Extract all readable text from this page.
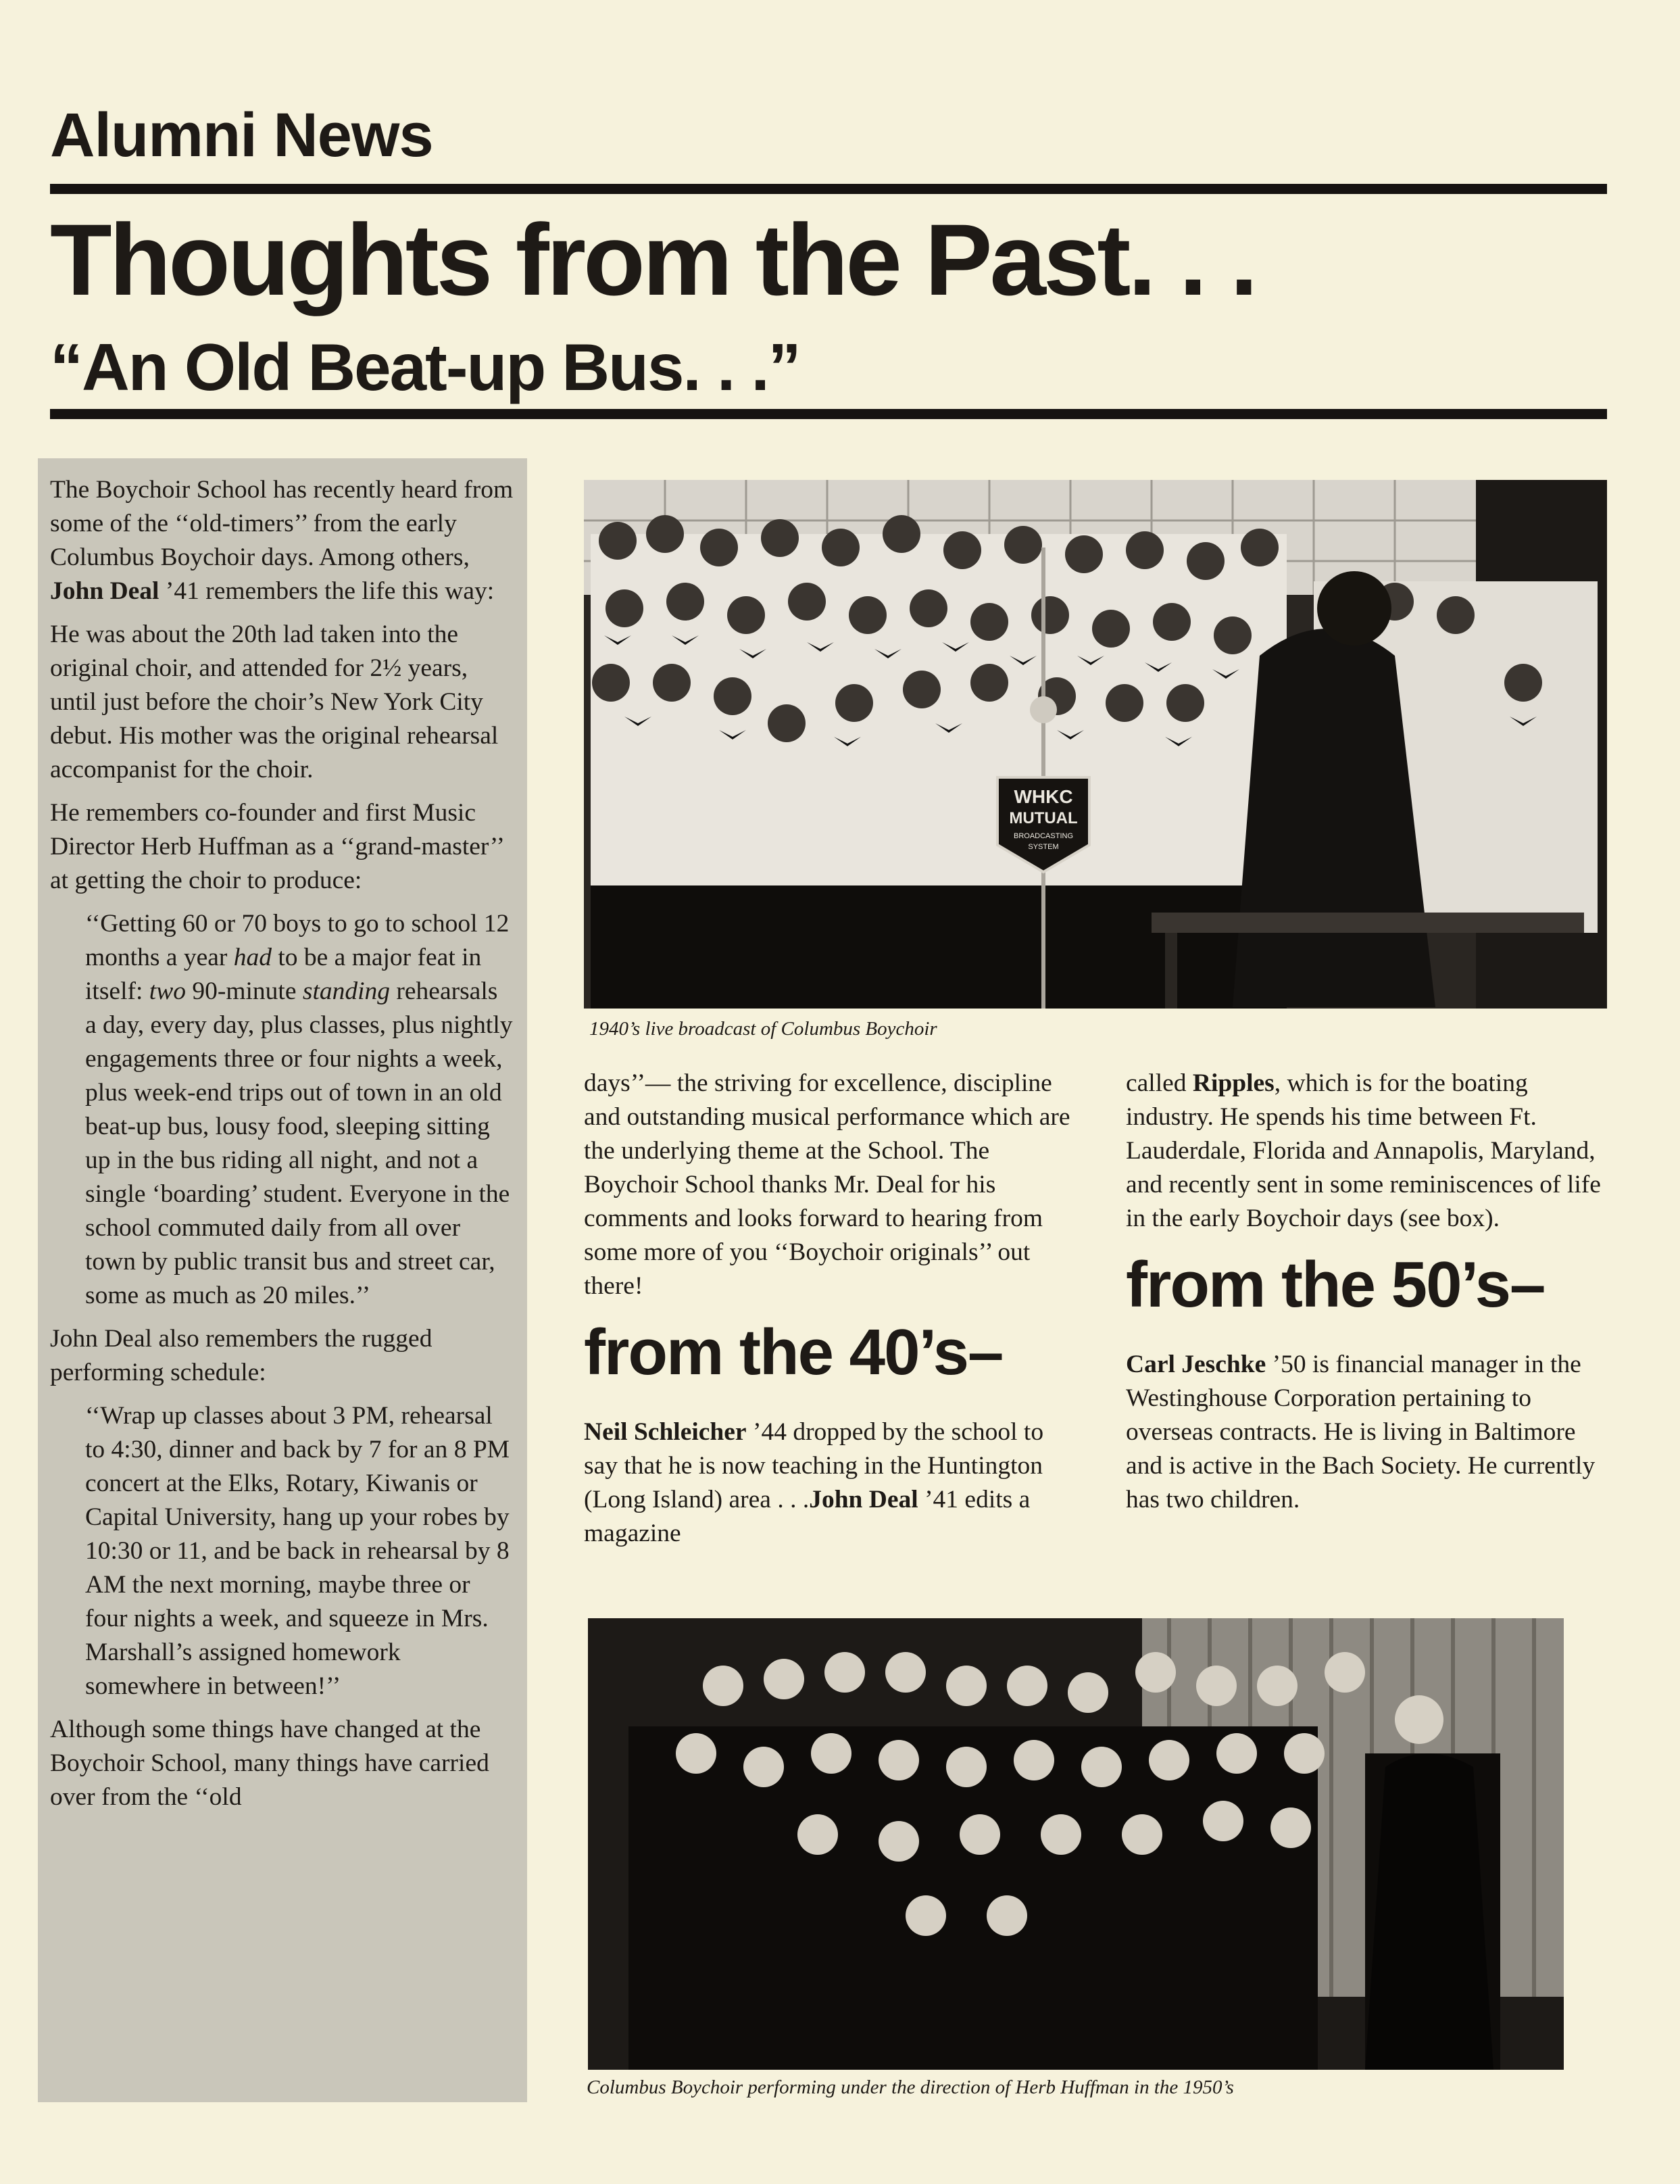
Alumni News
Thoughts from the Past. . .
“An Old Beat-up Bus. . .”

The Boychoir School has recently heard from some of the ‘‘old-timers’’ from the early Columbus Boychoir days. Among others, John Deal ’41 remembers the life this way:

He was about the 20th lad taken into the original choir, and attended for 2½ years, until just before the choir’s New York City debut. His mother was the original rehearsal accompanist for the choir.

He remembers co-founder and first Music Director Herb Huffman as a ‘‘grand-master’’ at getting the choir to produce:

‘‘Getting 60 or 70 boys to go to school 12 months a year had to be a major feat in itself: two 90-minute standing rehearsals a day, every day, plus classes, plus nightly engagements three or four nights a week, plus week-end trips out of town in an old beat-up bus, lousy food, sleeping sitting up in the bus riding all night, and not a single ‘boarding’ student. Everyone in the school commuted daily from all over town by public transit bus and street car, some as much as 20 miles.’’

John Deal also remembers the rugged performing schedule:

‘‘Wrap up classes about 3 PM, rehearsal to 4:30, dinner and back by 7 for an 8 PM concert at the Elks, Rotary, Kiwanis or Capital University, hang up your robes by 10:30 or 11, and be back in rehearsal by 8 AM the next morning, maybe three or four nights a week, and squeeze in Mrs. Marshall’s assigned homework somewhere in between!’’

Although some things have changed at the Boychoir School, many things have carried over from the ‘‘old

WHKC
MUTUAL
BROADCASTING
SYSTEM
1940’s live broadcast of Columbus Boychoir

days’’— the striving for excellence, discipline and outstanding musical performance which are the underlying theme at the School. The Boychoir School thanks Mr. Deal for his comments and looks forward to hearing from some more of you ‘‘Boychoir originals’’ out there!

from the 40’s–

Neil Schleicher ’44 dropped by the school to say that he is now teaching in the Huntington (Long Island) area . . .John Deal ’41 edits a magazine

called Ripples, which is for the boating industry. He spends his time between Ft. Lauderdale, Florida and Annapolis, Maryland, and recently sent in some reminiscences of life in the early Boychoir days (see box).

from the 50’s–

Carl Jeschke ’50 is financial manager in the Westinghouse Corporation pertaining to overseas contracts. He is living in Baltimore and is active in the Bach Society. He currently has two children.

Columbus Boychoir performing under the direction of Herb Huffman in the 1950’s
